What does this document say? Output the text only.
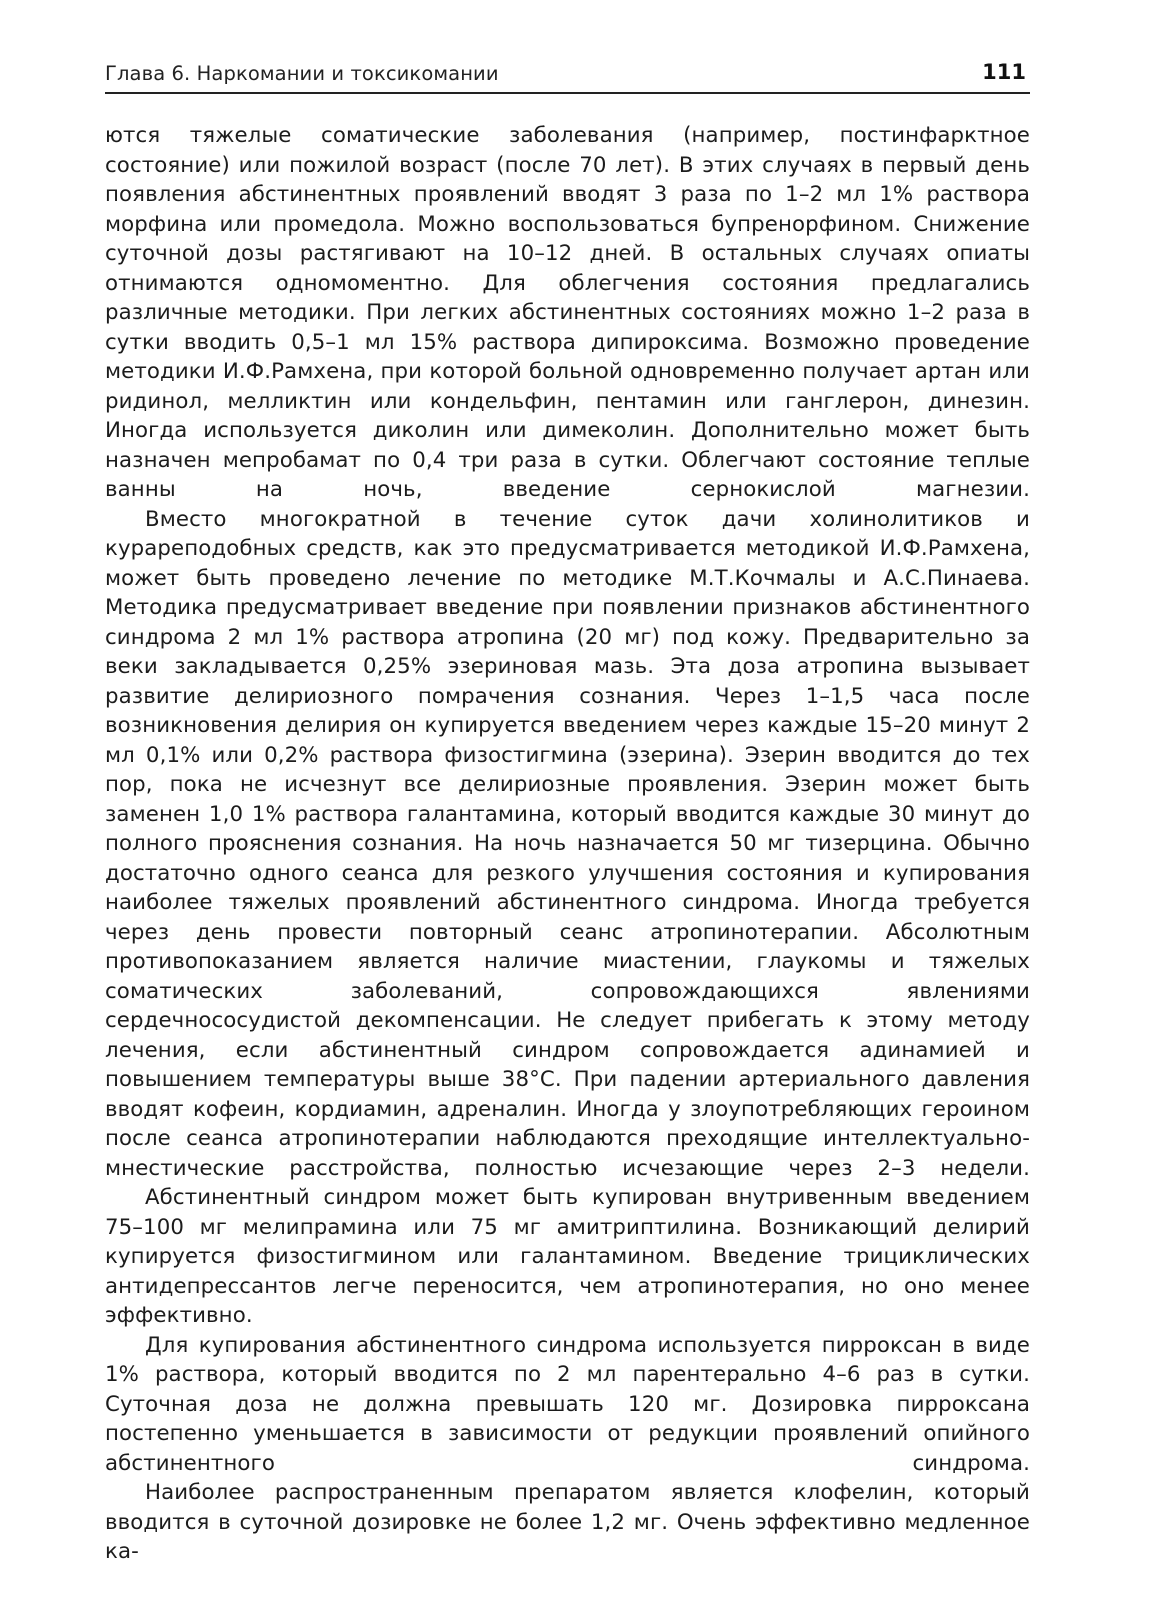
Глава 6. Наркомании и токсикомании	111

ются тяжелые соматические заболевания (например, постинфарктное состояние) или пожилой возраст (после 70 лет). В этих случаях в первый день появления абстинентных проявлений вводят 3 раза по 1–2 мл 1% раствора морфина или промедола. Можно воспользоваться бупренорфином. Снижение суточной дозы растягивают на 10–12 дней. В остальных случаях опиаты отнимаются одномоментно. Для облегчения состояния предлагались различные методики. При легких абстинентных состояниях можно 1–2 раза в сутки вводить 0,5–1 мл 15% раствора дипироксима. Возможно проведение методики И.Ф.Рамхена, при которой больной одновременно получает артан или ридинол, мелликтин или кондельфин, пентамин или ганглерон, динезин. Иногда используется диколин или димеколин. Дополнительно может быть назначен мепробамат по 0,4 три раза в сутки. Облегчают состояние теплые ванны на ночь, введение сернокислой магнезии.

Вместо многократной в течение суток дачи холинолитиков и курареподобных средств, как это предусматривается методикой И.Ф.Рамхена, может быть проведено лечение по методике М.Т.Кочмалы и А.С.Пинаева. Методика предусматривает введение при появлении признаков абстинентного синдрома 2 мл 1% раствора атропина (20 мг) под кожу. Предварительно за веки закладывается 0,25% эзериновая мазь. Эта доза атропина вызывает развитие делириозного помрачения сознания. Через 1–1,5 часа после возникновения делирия он купируется введением через каждые 15–20 минут 2 мл 0,1% или 0,2% раствора физостигмина (эзерина). Эзерин вводится до тех пор, пока не исчезнут все делириозные проявления. Эзерин может быть заменен 1,0 1% раствора галантамина, который вводится каждые 30 минут до полного прояснения сознания. На ночь назначается 50 мг тизерцина. Обычно достаточно одного сеанса для резкого улучшения состояния и купирования наиболее тяжелых проявлений абстинентного синдрома. Иногда требуется через день провести повторный сеанс атропинотерапии. Абсолютным противопоказанием является наличие миастении, глаукомы и тяжелых соматических заболеваний, сопровождающихся явлениями сердечнососудистой декомпенсации. Не следует прибегать к этому методу лечения, если абстинентный синдром сопровождается адинамией и повышением температуры выше 38°С. При падении артериального давления вводят кофеин, кордиамин, адреналин. Иногда у злоупотребляющих героином после сеанса атропинотерапии наблюдаются преходящие интеллектуально-мнестические расстройства, полностью исчезающие через 2–3 недели.

Абстинентный синдром может быть купирован внутривенным введением 75–100 мг мелипрамина или 75 мг амитриптилина. Возникающий делирий купируется физостигмином или галантамином. Введение трициклических антидепрессантов легче переносится, чем атропинотерапия, но оно менее эффективно.

Для купирования абстинентного синдрома используется пирроксан в виде 1% раствора, который вводится по 2 мл парентерально 4–6 раз в сутки. Суточная доза не должна превышать 120 мг. Дозировка пирроксана постепенно уменьшается в зависимости от редукции проявлений опийного абстинентного синдрома.

Наиболее распространенным препаратом является клофелин, который вводится в суточной дозировке не более 1,2 мг. Очень эффективно медленное ка-
